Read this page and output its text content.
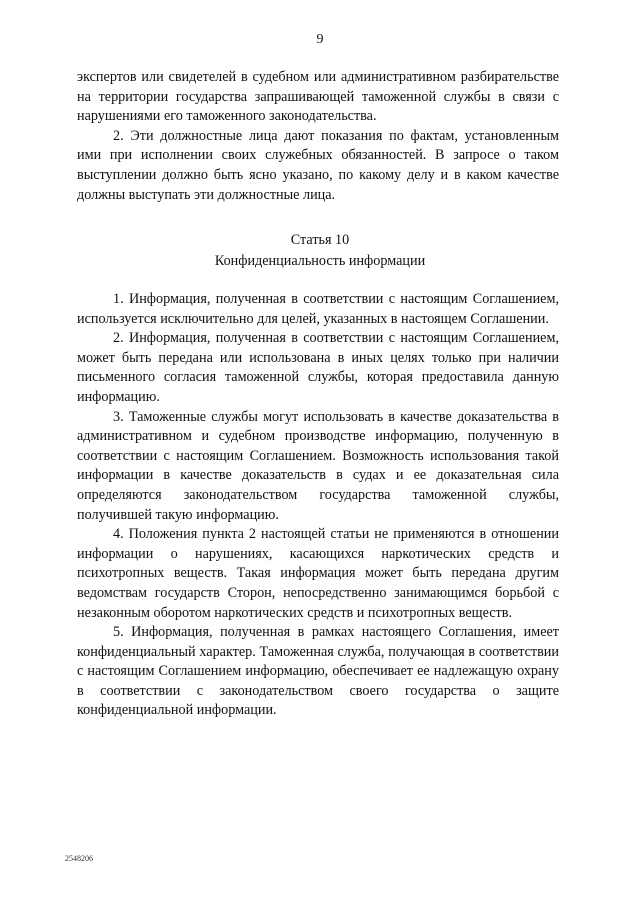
9

экспертов или свидетелей в судебном или административном разбирательстве на территории государства запрашивающей таможенной службы в связи с нарушениями его таможенного законодательства.

2. Эти должностные лица дают показания по фактам, установленным ими при исполнении своих служебных обязанностей. В запросе о таком выступлении должно быть ясно указано, по какому делу и в каком качестве должны выступать эти должностные лица.

Статья 10
Конфиденциальность информации

1. Информация, полученная в соответствии с настоящим Соглашением, используется исключительно для целей, указанных в настоящем Соглашении.

2. Информация, полученная в соответствии с настоящим Соглашением, может быть передана или использована в иных целях только при наличии письменного согласия таможенной службы, которая предоставила данную информацию.

3. Таможенные службы могут использовать в качестве доказательства в административном и судебном производстве информацию, полученную в соответствии с настоящим Соглашением. Возможность использования такой информации в качестве доказательств в судах и ее доказательная сила определяются законодательством государства таможенной службы, получившей такую информацию.

4. Положения пункта 2 настоящей статьи не применяются в отношении информации о нарушениях, касающихся наркотических средств и психотропных веществ. Такая информация может быть передана другим ведомствам государств Сторон, непосредственно занимающимся борьбой с незаконным оборотом наркотических средств и психотропных веществ.

5. Информация, полученная в рамках настоящего Соглашения, имеет конфиденциальный характер. Таможенная служба, получающая в соответствии с настоящим Соглашением информацию, обеспечивает ее надлежащую охрану в соответствии с законодательством своего государства о защите конфиденциальной информации.

2548206
